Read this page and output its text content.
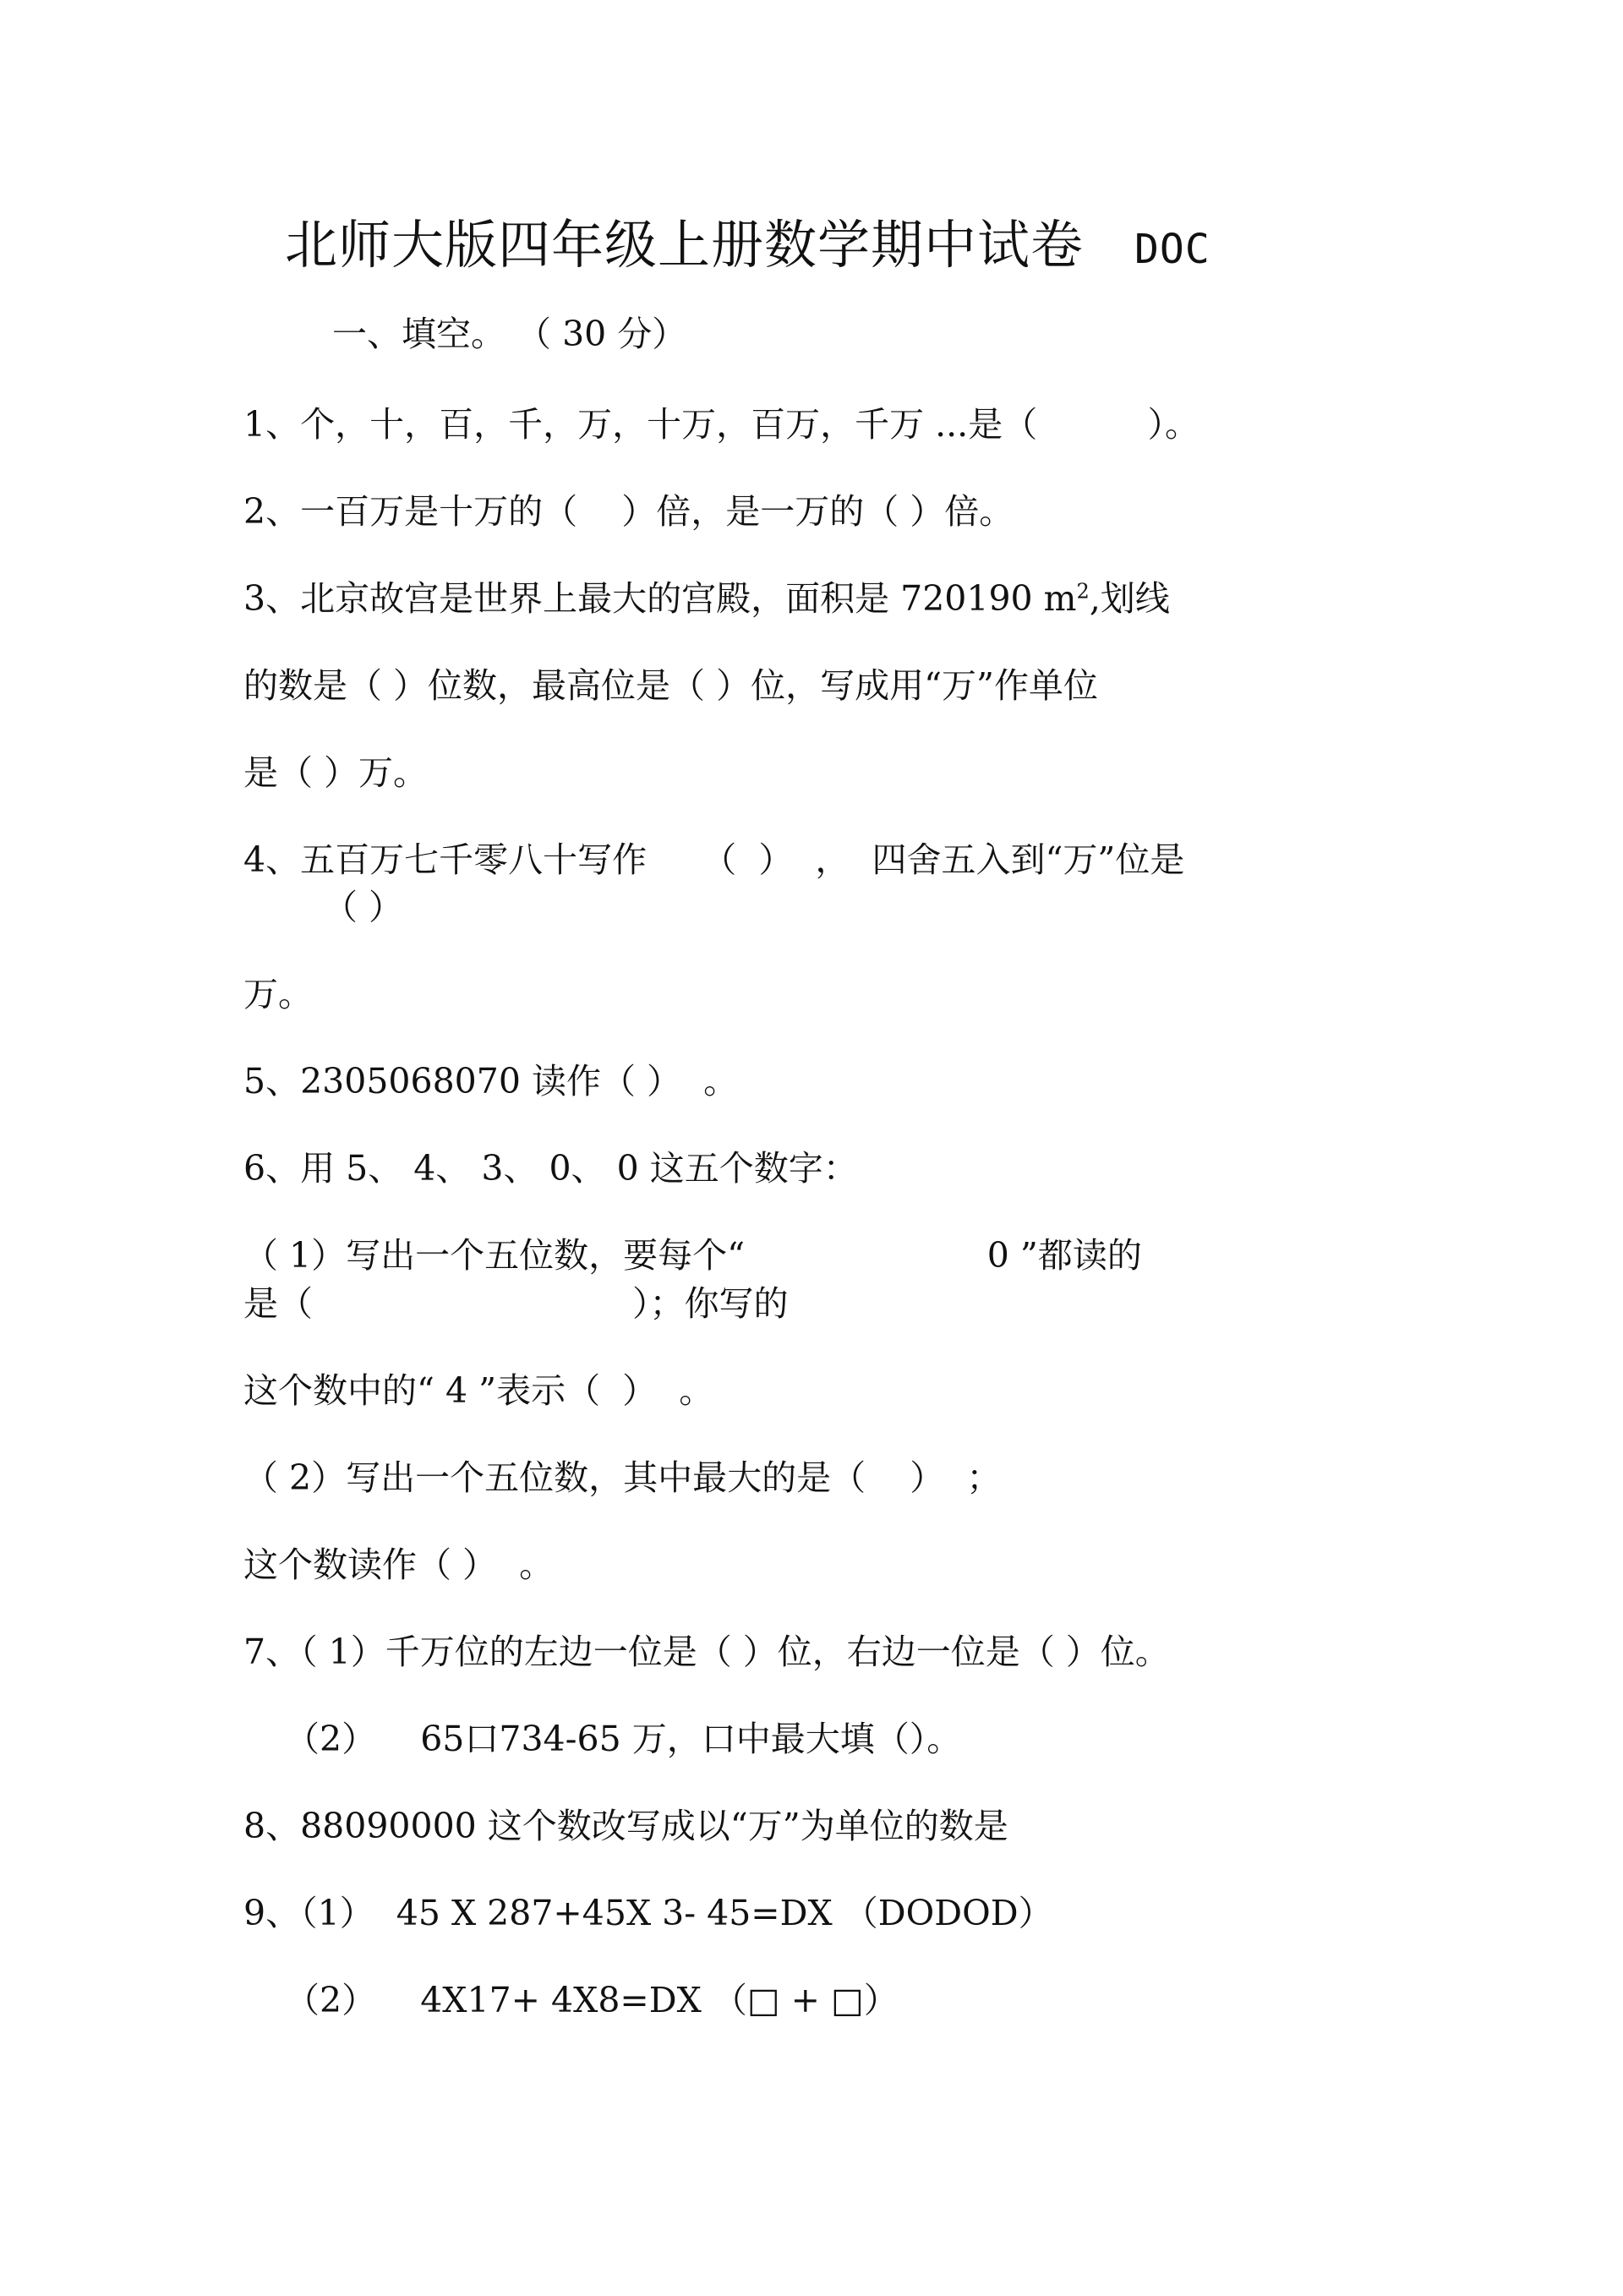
北师大版四年级上册数学期中试卷 DOC
一、填空。 （ 30 分）
1、个，十，百，千，万，十万，百万，千万 ...是（          ）。
2、一百万是十万的（    ）倍，是一万的（ ）倍。
3、北京故宫是世界上最大的宫殿，面积是 720190 $m^2$,划线
的数是（ ）位数，最高位是（ ）位，写成用“万”作单位
是（ ）万。
4、五百万七千零八十写作     （  ）  ，  四舍五入到“万”位是
（ ）
万。
5、2305068070 读作（ ）  。
6、用 5、 4、 3、 0、 0 这五个数字：
（ 1）写出一个五位数，要每个“                      0 ”都读的
是（                             ）；你写的
这个数中的“ 4 ”表示（  ）  。
（ 2）写出一个五位数，其中最大的是（    ）  ；
这个数读作（ ）  。
7、（ 1）千万位的左边一位是（ ）位，右边一位是（ ）位。
（2）    65口734-65 万，口中最大填（）。
8、88090000 这个数改写成以“万”为单位的数是
9、（1）  45 X 287+45X 3- 45=DX （DODOD）
（2）    4X17+ 4X8=DX （□ + □）
